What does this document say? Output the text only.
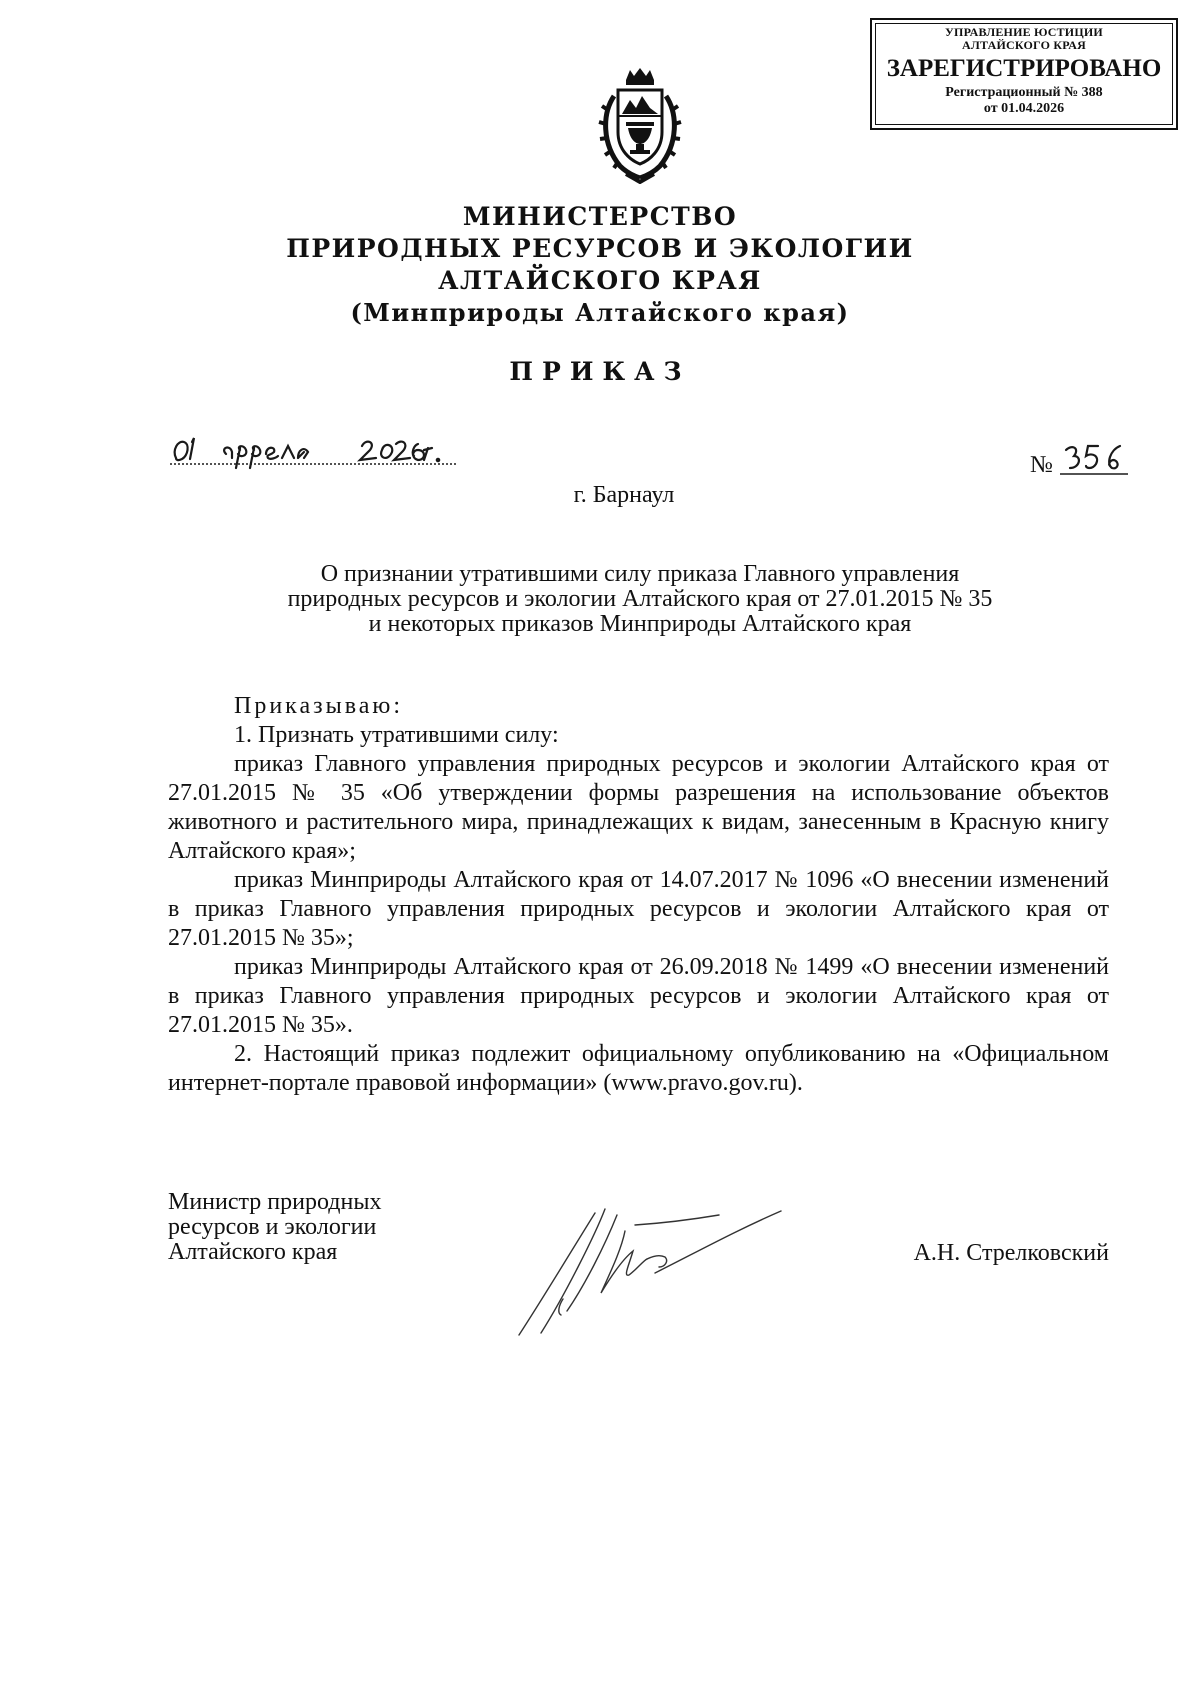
УПРАВЛЕНИЕ ЮСТИЦИИ
АЛТАЙСКОГО КРАЯ
ЗАРЕГИСТРИРОВАНО
Регистрационный № 388
от 01.04.2026
МИНИСТЕРСТВО
ПРИРОДНЫХ РЕСУРСОВ И ЭКОЛОГИИ
АЛТАЙСКОГО КРАЯ
(Минприроды Алтайского края)
ПРИКАЗ
№
г. Барнаул
О признании утратившими силу приказа Главного управления
природных ресурсов и экологии Алтайского края от 27.01.2015 № 35
и некоторых приказов Минприроды Алтайского края

Приказываю:

1. Признать утратившими силу:

приказ Главного управления природных ресурсов и экологии Алтайского края от 27.01.2015 № 35 «Об утверждении формы разрешения на использование объектов животного и растительного мира, принадлежащих к видам, занесенным в Красную книгу Алтайского края»;

приказ Минприроды Алтайского края от 14.07.2017 № 1096 «О внесении изменений в приказ Главного управления природных ресурсов и экологии Алтайского края от 27.01.2015 № 35»;

приказ Минприроды Алтайского края от 26.09.2018 № 1499 «О внесении изменений в приказ Главного управления природных ресурсов и экологии Алтайского края от 27.01.2015 № 35».

2. Настоящий приказ подлежит официальному опубликованию на «Официальном интернет-портале правовой информации» (www.pravo.gov.ru).

Министр природных
ресурсов и экологии
Алтайского края	А.Н. Стрелковский
